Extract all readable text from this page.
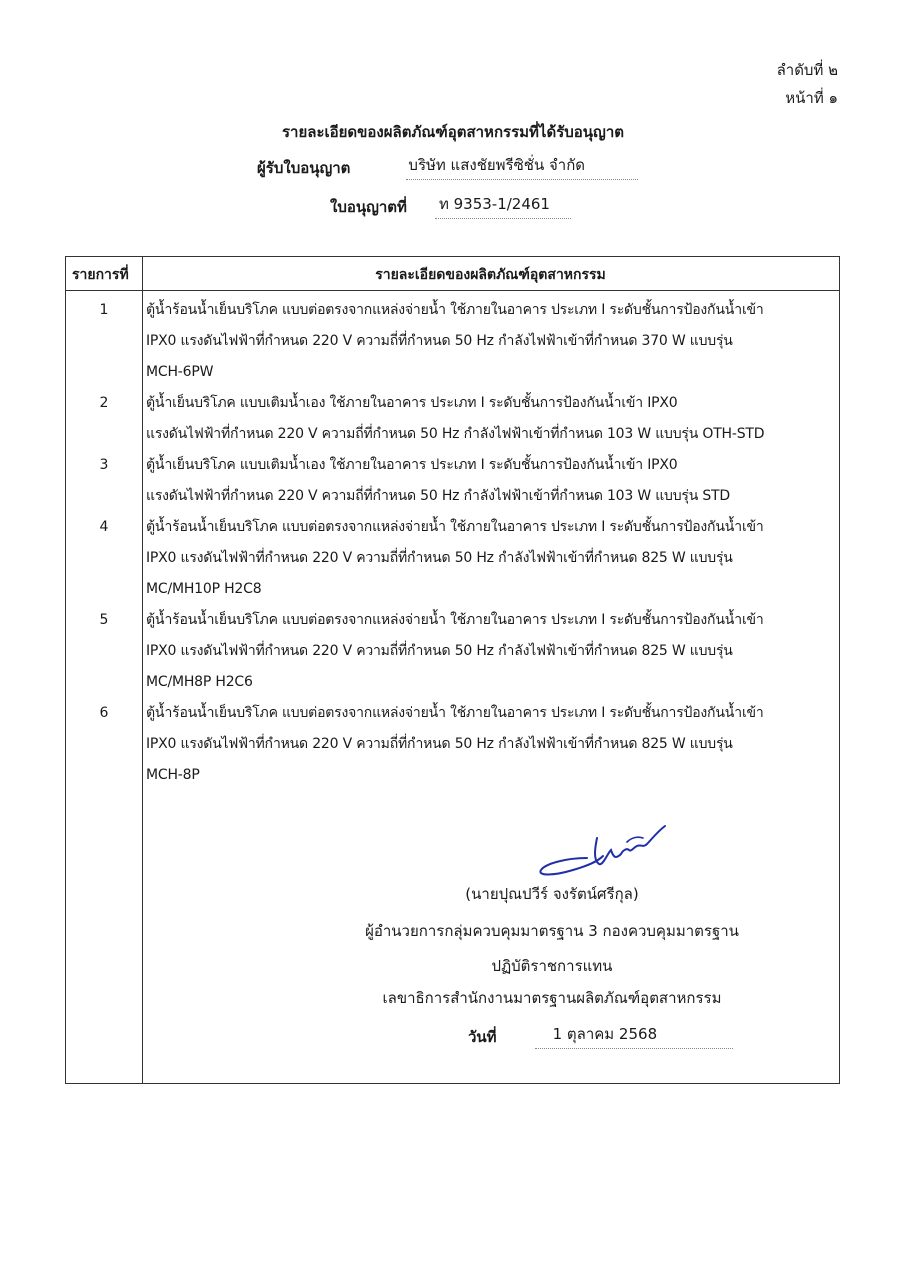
ลำดับที่ ๒
หน้าที่ ๑
รายละเอียดของผลิตภัณฑ์อุตสาหกรรมที่ได้รับอนุญาต
ผู้รับใบอนุญาต	บริษัท แสงชัยพรีซิชั่น จำกัด
ใบอนุญาตที่ ท 9353-1/2461
รายการที่	รายละเอียดของผลิตภัณฑ์อุตสาหกรรม
1	ตู้น้ำร้อนน้ำเย็นบริโภค แบบต่อตรงจากแหล่งจ่ายน้ำ ใช้ภายในอาคาร ประเภท I ระดับชั้นการป้องกันน้ำเข้า
IPX0 แรงดันไฟฟ้าที่กำหนด 220 V ความถี่ที่กำหนด 50 Hz กำลังไฟฟ้าเข้าที่กำหนด 370 W แบบรุ่น
MCH-6PW
2	ตู้น้ำเย็นบริโภค แบบเติมน้ำเอง ใช้ภายในอาคาร ประเภท I ระดับชั้นการป้องกันน้ำเข้า IPX0
แรงดันไฟฟ้าที่กำหนด 220 V ความถี่ที่กำหนด 50 Hz กำลังไฟฟ้าเข้าที่กำหนด 103 W แบบรุ่น OTH-STD
3	ตู้น้ำเย็นบริโภค แบบเติมน้ำเอง ใช้ภายในอาคาร ประเภท I ระดับชั้นการป้องกันน้ำเข้า IPX0
แรงดันไฟฟ้าที่กำหนด 220 V ความถี่ที่กำหนด 50 Hz กำลังไฟฟ้าเข้าที่กำหนด 103 W แบบรุ่น STD
4	ตู้น้ำร้อนน้ำเย็นบริโภค แบบต่อตรงจากแหล่งจ่ายน้ำ ใช้ภายในอาคาร ประเภท I ระดับชั้นการป้องกันน้ำเข้า
IPX0 แรงดันไฟฟ้าที่กำหนด 220 V ความถี่ที่กำหนด 50 Hz กำลังไฟฟ้าเข้าที่กำหนด 825 W แบบรุ่น
MC/MH10P H2C8
5	ตู้น้ำร้อนน้ำเย็นบริโภค แบบต่อตรงจากแหล่งจ่ายน้ำ ใช้ภายในอาคาร ประเภท I ระดับชั้นการป้องกันน้ำเข้า
IPX0 แรงดันไฟฟ้าที่กำหนด 220 V ความถี่ที่กำหนด 50 Hz กำลังไฟฟ้าเข้าที่กำหนด 825 W แบบรุ่น
MC/MH8P H2C6
6	ตู้น้ำร้อนน้ำเย็นบริโภค แบบต่อตรงจากแหล่งจ่ายน้ำ ใช้ภายในอาคาร ประเภท I ระดับชั้นการป้องกันน้ำเข้า
IPX0 แรงดันไฟฟ้าที่กำหนด 220 V ความถี่ที่กำหนด 50 Hz กำลังไฟฟ้าเข้าที่กำหนด 825 W แบบรุ่น
MCH-8P
(นายปุณปวีร์ จงรัตน์ศรีกุล)
ผู้อำนวยการกลุ่มควบคุมมาตรฐาน 3 กองควบคุมมาตรฐาน
ปฏิบัติราชการแทน
เลขาธิการสำนักงานมาตรฐานผลิตภัณฑ์อุตสาหกรรม
วันที่	1 ตุลาคม 2568
